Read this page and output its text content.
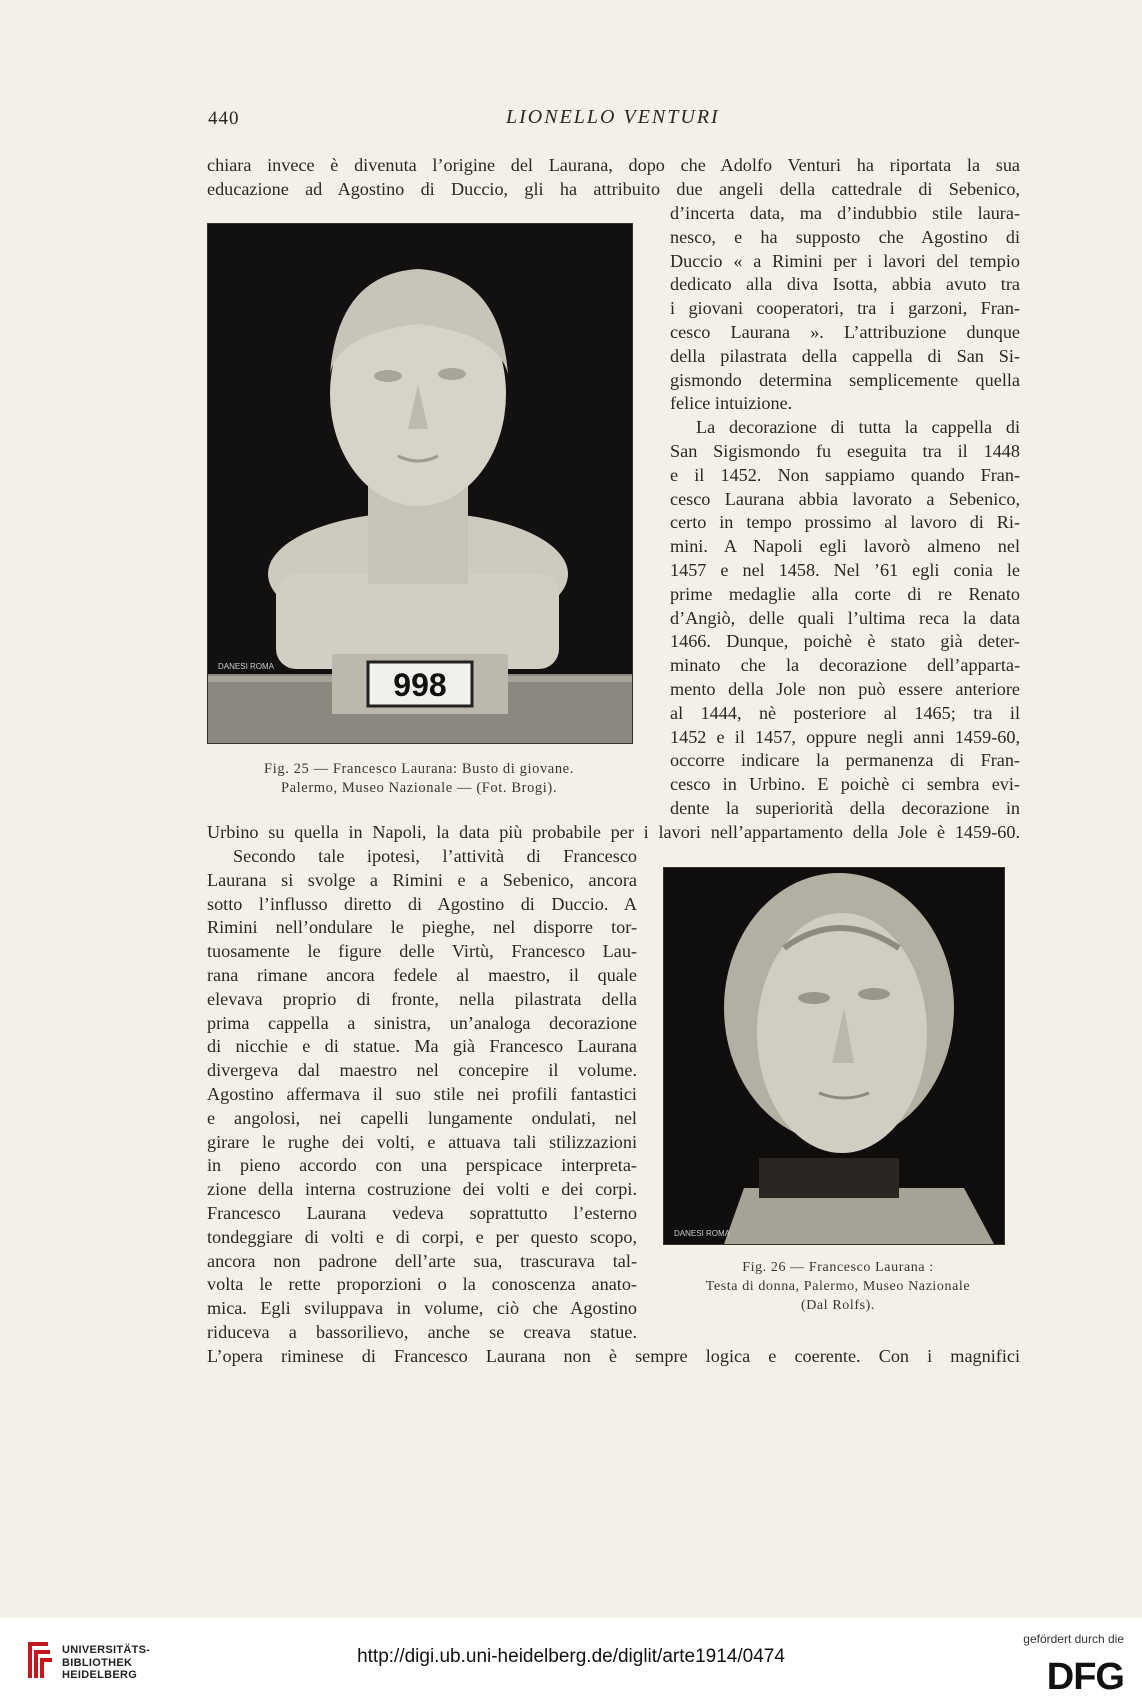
440	LIONELLO VENTURI
chiara invece è divenuta l’origine del Laurana, dopo che Adolfo Venturi ha riportata la sua
educazione ad Agostino di Duccio, gli ha attribuito due angeli della cattedrale di Sebenico,
998
DANESI ROMA
Fig. 25 — Francesco Laurana: Busto di giovane.
Palermo, Museo Nazionale — (Fot. Brogi).
d’incerta data, ma d’indubbio stile laura-
nesco, e ha supposto che Agostino di
Duccio « a Rimini per i lavori del tempio
dedicato alla diva Isotta, abbia avuto tra
i giovani cooperatori, tra i garzoni, Fran-
cesco Laurana ». L’attribuzione dunque
della pilastrata della cappella di San Si-
gismondo determina semplicemente quella
felice intuizione.
La decorazione di tutta la cappella di
San Sigismondo fu eseguita tra il 1448
e il 1452. Non sappiamo quando Fran-
cesco Laurana abbia lavorato a Sebenico,
certo in tempo prossimo al lavoro di Ri-
mini. A Napoli egli lavorò almeno nel
1457 e nel 1458. Nel ’61 egli conia le
prime medaglie alla corte di re Renato
d’Angiò, delle quali l’ultima reca la data
1466. Dunque, poichè è stato già deter-
minato che la decorazione dell’apparta-
mento della Jole non può essere anteriore
al 1444, nè posteriore al 1465; tra il
1452 e il 1457, oppure negli anni 1459-60,
occorre indicare la permanenza di Fran-
cesco in Urbino. E poichè ci sembra evi-
dente la superiorità della decorazione in
Urbino su quella in Napoli, la data più probabile per i lavori nell’appartamento della Jole è 1459-60.
Secondo tale ipotesi, l’attività di Francesco
Laurana si svolge a Rimini e a Sebenico, ancora
sotto l’influsso diretto di Agostino di Duccio. A
Rimini nell’ondulare le pieghe, nel disporre tor-
tuosamente le figure delle Virtù, Francesco Lau-
rana rimane ancora fedele al maestro, il quale
elevava proprio di fronte, nella pilastrata della
prima cappella a sinistra, un’analoga decorazione
di nicchie e di statue. Ma già Francesco Laurana
divergeva dal maestro nel concepire il volume.
Agostino affermava il suo stile nei profili fantastici
e angolosi, nei capelli lungamente ondulati, nel
girare le rughe dei volti, e attuava tali stilizzazioni
in pieno accordo con una perspicace interpreta-
zione della interna costruzione dei volti e dei corpi.
Francesco Laurana vedeva soprattutto l’esterno
tondeggiare di volti e di corpi, e per questo scopo,
ancora non padrone dell’arte sua, trascurava tal-
volta le rette proporzioni o la conoscenza anato-
mica. Egli sviluppava in volume, ciò che Agostino
riduceva a bassorilievo, anche se creava statue.
DANESI ROMA
Fig. 26 — Francesco Laurana :
Testa di donna, Palermo, Museo Nazionale
(Dal Rolfs).
L’opera riminese di Francesco Laurana non è sempre logica e coerente. Con i magnifici
UNIVERSITÄTS-
BIBLIOTHEK
HEIDELBERG
http://digi.ub.uni-heidelberg.de/diglit/arte1914/0474
gefördert durch die
DFG
